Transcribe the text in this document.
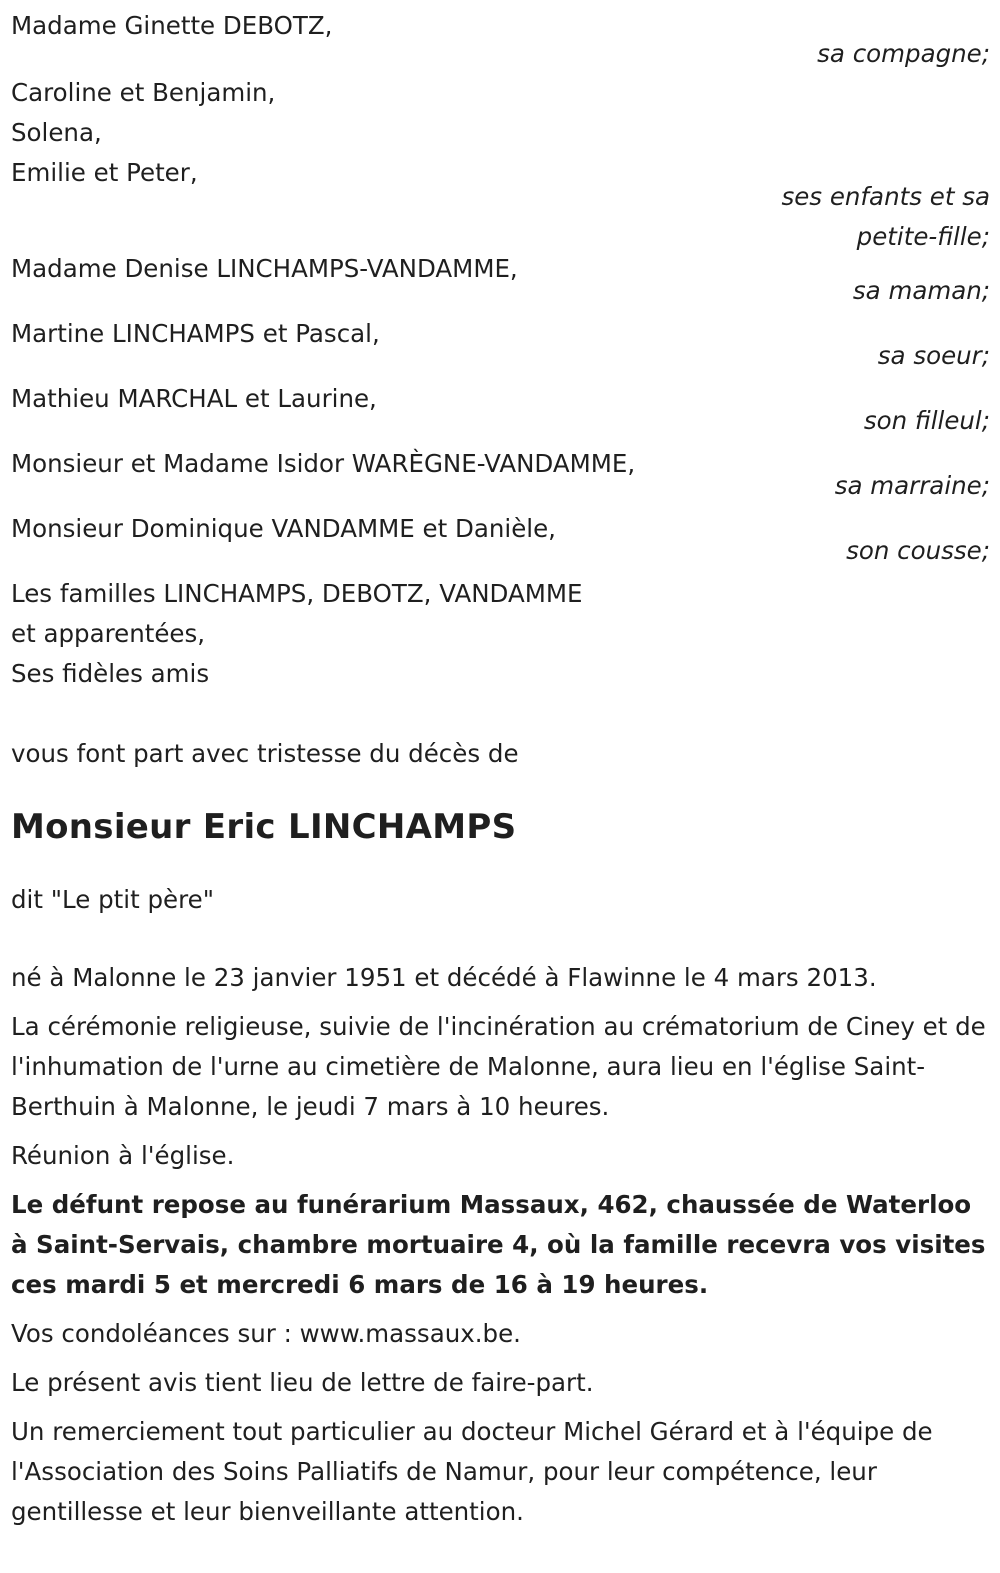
Madame Ginette DEBOTZ,
sa compagne;
Caroline et Benjamin,
Solena,
Emilie et Peter,
ses enfants et sa petite-fille;
Madame Denise LINCHAMPS-VANDAMME,
sa maman;
Martine LINCHAMPS et Pascal,
sa soeur;
Mathieu MARCHAL et Laurine,
son filleul;
Monsieur et Madame Isidor WARÈGNE-VANDAMME,
sa marraine;
Monsieur Dominique VANDAMME et Danièle,
son cousse;
Les familles LINCHAMPS, DEBOTZ, VANDAMME
et apparentées,
Ses fidèles amis

vous font part avec tristesse du décès de

Monsieur Eric LINCHAMPS

dit "Le ptit père"

né à Malonne le 23 janvier 1951 et décédé à Flawinne le 4 mars 2013.

La cérémonie religieuse, suivie de l'incinération au crématorium de Ciney et de l'inhumation de l'urne au cimetière de Malonne, aura lieu en l'église Saint-Berthuin à Malonne, le jeudi 7 mars à 10 heures.

Réunion à l'église.

Le défunt repose au funérarium Massaux, 462, chaussée de Waterloo à Saint-Servais, chambre mortuaire 4, où la famille recevra vos visites ces mardi 5 et mercredi 6 mars de 16 à 19 heures.

Vos condoléances sur : www.massaux.be.

Le présent avis tient lieu de lettre de faire-part.

Un remerciement tout particulier au docteur Michel Gérard et à l'équipe de l'Association des Soins Palliatifs de Namur, pour leur compétence, leur gentillesse et leur bienveillante attention.
